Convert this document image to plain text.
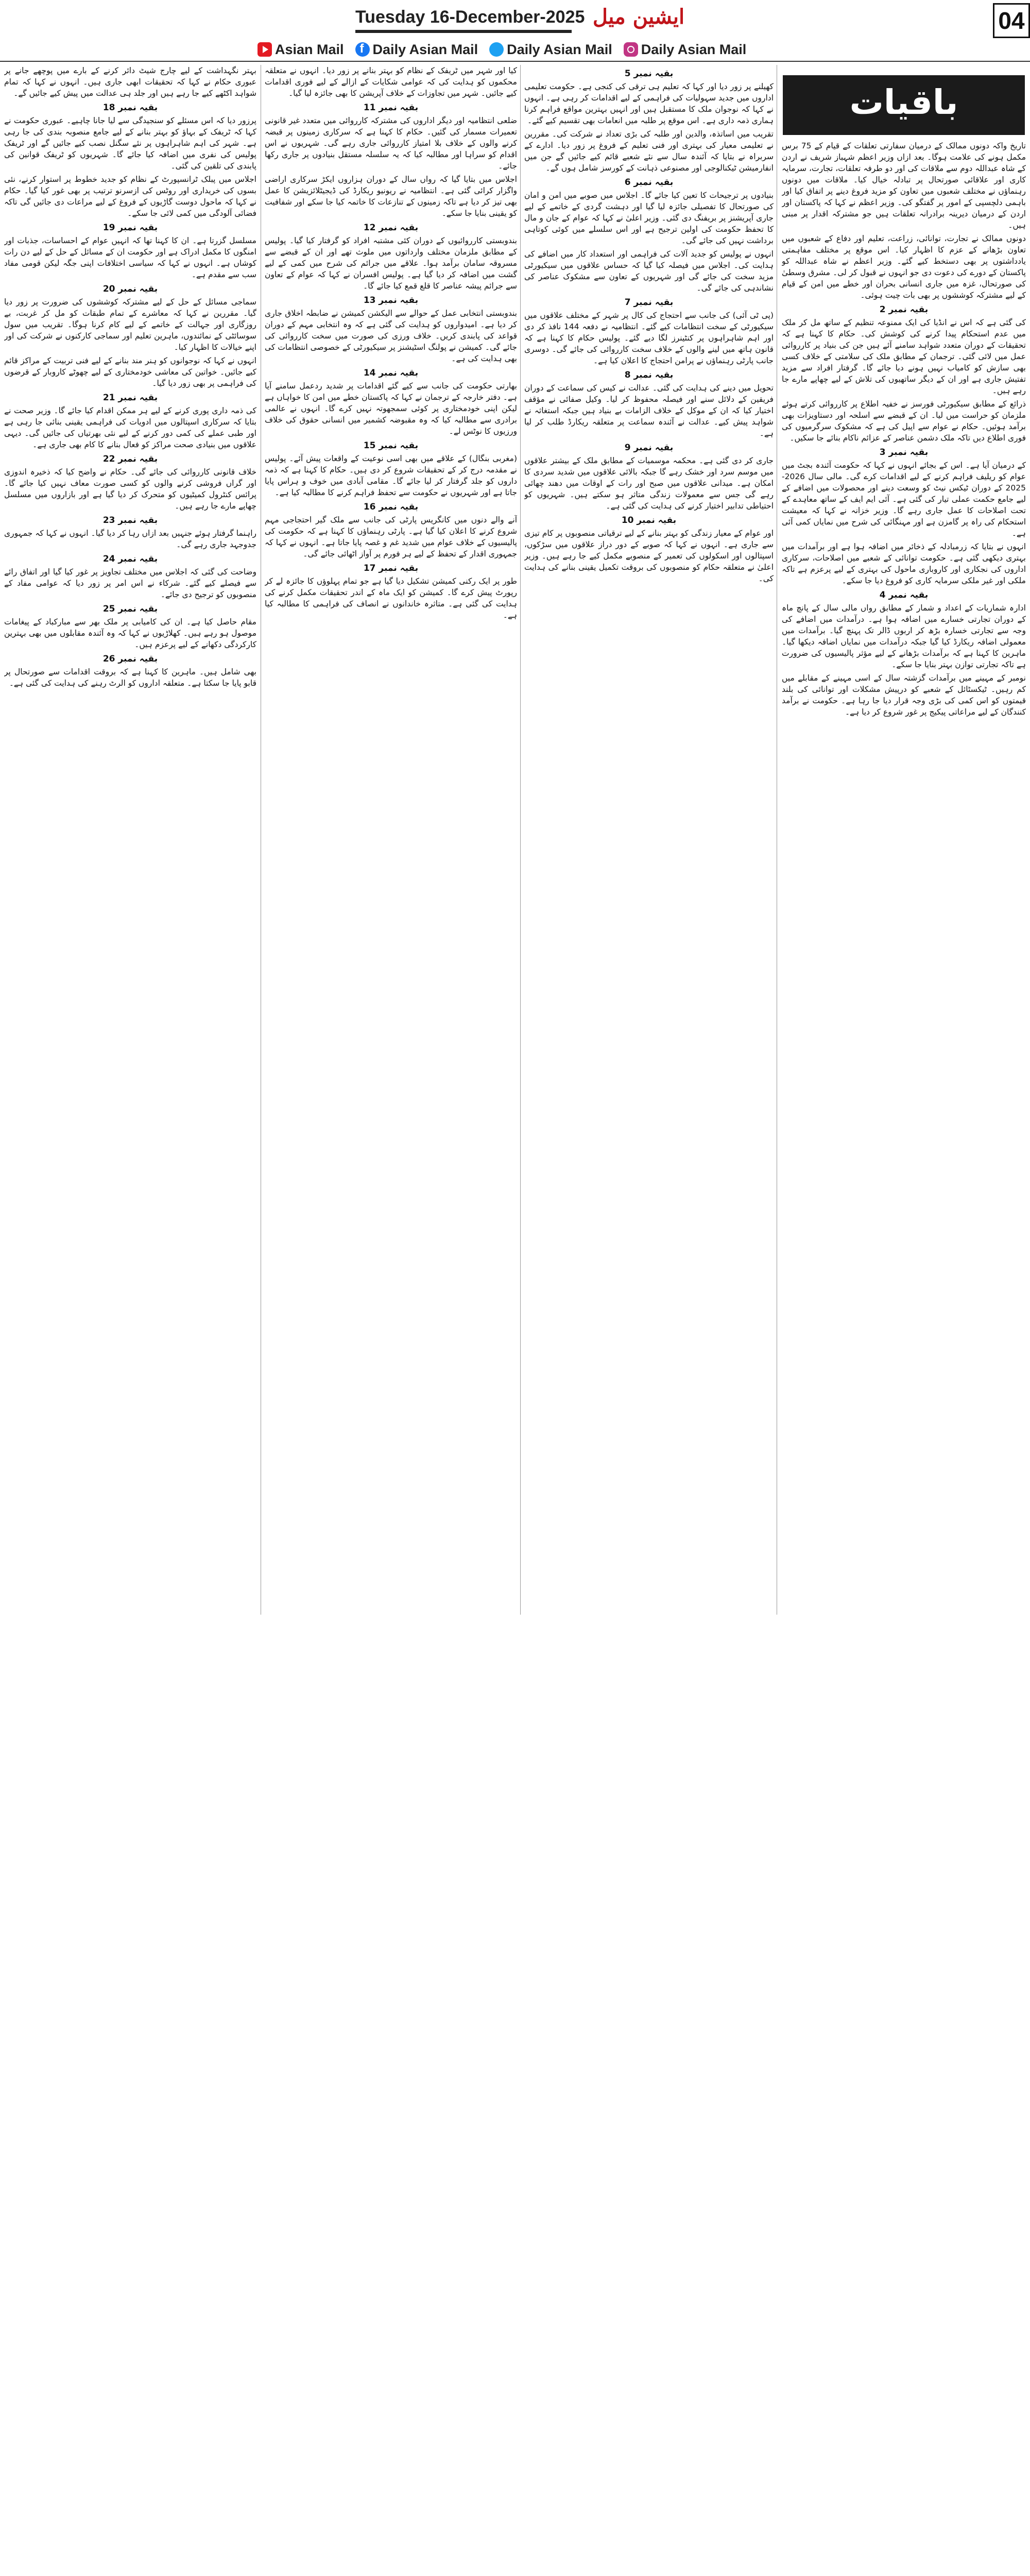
Tuesday 16-December-2025 ایشین میل	04
Asian Mail
f Daily Asian Mail Daily Asian Mail Daily Asian Mail
باقیات

تاریخ واکہ دونوں ممالک کے درمیان سفارتی تعلقات کے قیام کے 75 برس مکمل ہونے کی علامت ہوگا۔ بعد ازاں وزیر اعظم شہباز شریف نے اردن کے شاہ عبداللہ دوم سے ملاقات کی اور دو طرفہ تعلقات، تجارت، سرمایہ کاری اور علاقائی صورتحال پر تبادلہ خیال کیا۔ ملاقات میں دونوں رہنماؤں نے مختلف شعبوں میں تعاون کو مزید فروغ دینے پر اتفاق کیا اور باہمی دلچسپی کے امور پر گفتگو کی۔ وزیر اعظم نے کہا کہ پاکستان اور اردن کے درمیان دیرینہ برادرانہ تعلقات ہیں جو مشترکہ اقدار پر مبنی ہیں۔

دونوں ممالک نے تجارت، توانائی، زراعت، تعلیم اور دفاع کے شعبوں میں تعاون بڑھانے کے عزم کا اظہار کیا۔ اس موقع پر مختلف مفاہمتی یادداشتوں پر بھی دستخط کیے گئے۔ وزیر اعظم نے شاہ عبداللہ کو پاکستان کے دورے کی دعوت دی جو انہوں نے قبول کر لی۔ مشرق وسطیٰ کی صورتحال، غزہ میں جاری انسانی بحران اور خطے میں امن کے قیام کے لیے مشترکہ کوششوں پر بھی بات چیت ہوئی۔

بقیہ نمبر 2

کی گئی ہے کہ اس نے انڈیا کی ایک ممنوعہ تنظیم کے ساتھ مل کر ملک میں عدم استحکام پیدا کرنے کی کوشش کی۔ حکام کا کہنا ہے کہ تحقیقات کے دوران متعدد شواہد سامنے آئے ہیں جن کی بنیاد پر کارروائی عمل میں لائی گئی۔ ترجمان کے مطابق ملک کی سلامتی کے خلاف کسی بھی سازش کو کامیاب نہیں ہونے دیا جائے گا۔ گرفتار افراد سے مزید تفتیش جاری ہے اور ان کے دیگر ساتھیوں کی تلاش کے لیے چھاپے مارے جا رہے ہیں۔

ذرائع کے مطابق سیکیورٹی فورسز نے خفیہ اطلاع پر کارروائی کرتے ہوئے ملزمان کو حراست میں لیا۔ ان کے قبضے سے اسلحہ اور دستاویزات بھی برآمد ہوئیں۔ حکام نے عوام سے اپیل کی ہے کہ مشکوک سرگرمیوں کی فوری اطلاع دیں تاکہ ملک دشمن عناصر کے عزائم ناکام بنائے جا سکیں۔

بقیہ نمبر 3

کے درمیان آیا ہے۔ اس کے بجائے انہوں نے کہا کہ حکومت آئندہ بجٹ میں عوام کو ریلیف فراہم کرنے کے لیے اقدامات کرے گی۔ مالی سال 2026-2025 کے دوران ٹیکس نیٹ کو وسعت دینے اور محصولات میں اضافے کے لیے جامع حکمت عملی تیار کی گئی ہے۔ آئی ایم ایف کے ساتھ معاہدے کے تحت اصلاحات کا عمل جاری رہے گا۔ وزیر خزانہ نے کہا کہ معیشت استحکام کی راہ پر گامزن ہے اور مہنگائی کی شرح میں نمایاں کمی آئی ہے۔

انہوں نے بتایا کہ زرمبادلہ کے ذخائر میں اضافہ ہوا ہے اور برآمدات میں بہتری دیکھی گئی ہے۔ حکومت توانائی کے شعبے میں اصلاحات، سرکاری اداروں کی نجکاری اور کاروباری ماحول کی بہتری کے لیے پرعزم ہے تاکہ ملکی اور غیر ملکی سرمایہ کاری کو فروغ دیا جا سکے۔

بقیہ نمبر 4

ادارہ شماریات کے اعداد و شمار کے مطابق رواں مالی سال کے پانچ ماہ کے دوران تجارتی خسارے میں اضافہ ہوا ہے۔ درآمدات میں اضافے کی وجہ سے تجارتی خسارہ بڑھ کر اربوں ڈالر تک پہنچ گیا۔ برآمدات میں معمولی اضافہ ریکارڈ کیا گیا جبکہ درآمدات میں نمایاں اضافہ دیکھا گیا۔ ماہرین کا کہنا ہے کہ برآمدات بڑھانے کے لیے مؤثر پالیسیوں کی ضرورت ہے تاکہ تجارتی توازن بہتر بنایا جا سکے۔

نومبر کے مہینے میں برآمدات گزشتہ سال کے اسی مہینے کے مقابلے میں کم رہیں۔ ٹیکسٹائل کے شعبے کو درپیش مشکلات اور توانائی کی بلند قیمتوں کو اس کمی کی بڑی وجہ قرار دیا جا رہا ہے۔ حکومت نے برآمد کنندگان کے لیے مراعاتی پیکیج پر غور شروع کر دیا ہے۔

بقیہ نمبر 5

کھیلنے پر زور دیا اور کہا کہ تعلیم ہی ترقی کی کنجی ہے۔ حکومت تعلیمی اداروں میں جدید سہولیات کی فراہمی کے لیے اقدامات کر رہی ہے۔ انہوں نے کہا کہ نوجوان ملک کا مستقبل ہیں اور انہیں بہترین مواقع فراہم کرنا ہماری ذمہ داری ہے۔ اس موقع پر طلبہ میں انعامات بھی تقسیم کیے گئے۔

تقریب میں اساتذہ، والدین اور طلبہ کی بڑی تعداد نے شرکت کی۔ مقررین نے تعلیمی معیار کی بہتری اور فنی تعلیم کے فروغ پر زور دیا۔ ادارے کے سربراہ نے بتایا کہ آئندہ سال سے نئے شعبے قائم کیے جائیں گے جن میں انفارمیشن ٹیکنالوجی اور مصنوعی ذہانت کے کورسز شامل ہوں گے۔

بقیہ نمبر 6

بنیادوں پر ترجیحات کا تعین کیا جائے گا۔ اجلاس میں صوبے میں امن و امان کی صورتحال کا تفصیلی جائزہ لیا گیا اور دہشت گردی کے خاتمے کے لیے جاری آپریشنز پر بریفنگ دی گئی۔ وزیر اعلیٰ نے کہا کہ عوام کے جان و مال کا تحفظ حکومت کی اولین ترجیح ہے اور اس سلسلے میں کوئی کوتاہی برداشت نہیں کی جائے گی۔

انہوں نے پولیس کو جدید آلات کی فراہمی اور استعداد کار میں اضافے کی ہدایت کی۔ اجلاس میں فیصلہ کیا گیا کہ حساس علاقوں میں سیکیورٹی مزید سخت کی جائے گی اور شہریوں کے تعاون سے مشکوک عناصر کی نشاندہی کی جائے گی۔

بقیہ نمبر 7

(پی ٹی آئی) کی جانب سے احتجاج کی کال پر شہر کے مختلف علاقوں میں سیکیورٹی کے سخت انتظامات کیے گئے۔ انتظامیہ نے دفعہ 144 نافذ کر دی اور اہم شاہراہوں پر کنٹینرز لگا دیے گئے۔ پولیس حکام کا کہنا ہے کہ قانون ہاتھ میں لینے والوں کے خلاف سخت کارروائی کی جائے گی۔ دوسری جانب پارٹی رہنماؤں نے پرامن احتجاج کا اعلان کیا ہے۔

بقیہ نمبر 8

تحویل میں دینے کی ہدایت کی گئی۔ عدالت نے کیس کی سماعت کے دوران فریقین کے دلائل سنے اور فیصلہ محفوظ کر لیا۔ وکیل صفائی نے مؤقف اختیار کیا کہ ان کے موکل کے خلاف الزامات بے بنیاد ہیں جبکہ استغاثہ نے شواہد پیش کیے۔ عدالت نے آئندہ سماعت پر متعلقہ ریکارڈ طلب کر لیا ہے۔

بقیہ نمبر 9

جاری کر دی گئی ہے۔ محکمہ موسمیات کے مطابق ملک کے بیشتر علاقوں میں موسم سرد اور خشک رہے گا جبکہ بالائی علاقوں میں شدید سردی کا امکان ہے۔ میدانی علاقوں میں صبح اور رات کے اوقات میں دھند چھائی رہے گی جس سے معمولات زندگی متاثر ہو سکتے ہیں۔ شہریوں کو احتیاطی تدابیر اختیار کرنے کی ہدایت کی گئی ہے۔

بقیہ نمبر 10

اور عوام کے معیار زندگی کو بہتر بنانے کے لیے ترقیاتی منصوبوں پر کام تیزی سے جاری ہے۔ انہوں نے کہا کہ صوبے کے دور دراز علاقوں میں سڑکوں، اسپتالوں اور اسکولوں کی تعمیر کے منصوبے مکمل کیے جا رہے ہیں۔ وزیر اعلیٰ نے متعلقہ حکام کو منصوبوں کی بروقت تکمیل یقینی بنانے کی ہدایت کی۔

کیا اور شہر میں ٹریفک کے نظام کو بہتر بنانے پر زور دیا۔ انہوں نے متعلقہ محکموں کو ہدایت کی کہ عوامی شکایات کے ازالے کے لیے فوری اقدامات کیے جائیں۔ شہر میں تجاوزات کے خلاف آپریشن کا بھی جائزہ لیا گیا۔

بقیہ نمبر 11

ضلعی انتظامیہ اور دیگر اداروں کی مشترکہ کارروائی میں متعدد غیر قانونی تعمیرات مسمار کی گئیں۔ حکام کا کہنا ہے کہ سرکاری زمینوں پر قبضہ کرنے والوں کے خلاف بلا امتیاز کارروائی جاری رہے گی۔ شہریوں نے اس اقدام کو سراہا اور مطالبہ کیا کہ یہ سلسلہ مستقل بنیادوں پر جاری رکھا جائے۔

اجلاس میں بتایا گیا کہ رواں سال کے دوران ہزاروں ایکڑ سرکاری اراضی واگزار کرائی گئی ہے۔ انتظامیہ نے ریونیو ریکارڈ کی ڈیجیٹلائزیشن کا عمل بھی تیز کر دیا ہے تاکہ زمینوں کے تنازعات کا خاتمہ کیا جا سکے اور شفافیت کو یقینی بنایا جا سکے۔

بقیہ نمبر 12

بندوبستی کارروائیوں کے دوران کئی مشتبہ افراد کو گرفتار کیا گیا۔ پولیس کے مطابق ملزمان مختلف وارداتوں میں ملوث تھے اور ان کے قبضے سے مسروقہ سامان برآمد ہوا۔ علاقے میں جرائم کی شرح میں کمی کے لیے گشت میں اضافہ کر دیا گیا ہے۔ پولیس افسران نے کہا کہ عوام کے تعاون سے جرائم پیشہ عناصر کا قلع قمع کیا جائے گا۔

بقیہ نمبر 13

بندوبستی انتخابی عمل کے حوالے سے الیکشن کمیشن نے ضابطہ اخلاق جاری کر دیا ہے۔ امیدواروں کو ہدایت کی گئی ہے کہ وہ انتخابی مہم کے دوران قواعد کی پابندی کریں۔ خلاف ورزی کی صورت میں سخت کارروائی کی جائے گی۔ کمیشن نے پولنگ اسٹیشنز پر سیکیورٹی کے خصوصی انتظامات کی بھی ہدایت کی ہے۔

بقیہ نمبر 14

بھارتی حکومت کی جانب سے کیے گئے اقدامات پر شدید ردعمل سامنے آیا ہے۔ دفتر خارجہ کے ترجمان نے کہا کہ پاکستان خطے میں امن کا خواہاں ہے لیکن اپنی خودمختاری پر کوئی سمجھوتہ نہیں کرے گا۔ انہوں نے عالمی برادری سے مطالبہ کیا کہ وہ مقبوضہ کشمیر میں انسانی حقوق کی خلاف ورزیوں کا نوٹس لے۔

بقیہ نمبر 15

(مغربی بنگال) کے علاقے میں بھی اسی نوعیت کے واقعات پیش آئے۔ پولیس نے مقدمہ درج کر کے تحقیقات شروع کر دی ہیں۔ حکام کا کہنا ہے کہ ذمہ داروں کو جلد گرفتار کر لیا جائے گا۔ مقامی آبادی میں خوف و ہراس پایا جاتا ہے اور شہریوں نے حکومت سے تحفظ فراہم کرنے کا مطالبہ کیا ہے۔

بقیہ نمبر 16

آنے والے دنوں میں کانگریس پارٹی کی جانب سے ملک گیر احتجاجی مہم شروع کرنے کا اعلان کیا گیا ہے۔ پارٹی رہنماؤں کا کہنا ہے کہ حکومت کی پالیسیوں کے خلاف عوام میں شدید غم و غصہ پایا جاتا ہے۔ انہوں نے کہا کہ جمہوری اقدار کے تحفظ کے لیے ہر فورم پر آواز اٹھائی جائے گی۔

بقیہ نمبر 17

طور پر ایک رکنی کمیشن تشکیل دیا گیا ہے جو تمام پہلوؤں کا جائزہ لے کر رپورٹ پیش کرے گا۔ کمیشن کو ایک ماہ کے اندر تحقیقات مکمل کرنے کی ہدایت کی گئی ہے۔ متاثرہ خاندانوں نے انصاف کی فراہمی کا مطالبہ کیا ہے۔

بہتر نگہداشت کے لیے چارج شیٹ دائر کرنے کے بارے میں پوچھے جانے پر عبوری حکام نے کہا کہ تحقیقات ابھی جاری ہیں۔ انہوں نے کہا کہ تمام شواہد اکٹھے کیے جا رہے ہیں اور جلد ہی عدالت میں پیش کیے جائیں گے۔

بقیہ نمبر 18

پرزور دیا کہ اس مسئلے کو سنجیدگی سے لیا جانا چاہیے۔ عبوری حکومت نے کہا کہ ٹریفک کے بہاؤ کو بہتر بنانے کے لیے جامع منصوبہ بندی کی جا رہی ہے۔ شہر کی اہم شاہراہوں پر نئے سگنل نصب کیے جائیں گے اور ٹریفک پولیس کی نفری میں اضافہ کیا جائے گا۔ شہریوں کو ٹریفک قوانین کی پابندی کی تلقین کی گئی۔

اجلاس میں پبلک ٹرانسپورٹ کے نظام کو جدید خطوط پر استوار کرنے، نئی بسوں کی خریداری اور روٹس کی ازسرنو ترتیب پر بھی غور کیا گیا۔ حکام نے کہا کہ ماحول دوست گاڑیوں کے فروغ کے لیے مراعات دی جائیں گی تاکہ فضائی آلودگی میں کمی لائی جا سکے۔

بقیہ نمبر 19

مسلسل گزرتا ہے۔ ان کا کہنا تھا کہ انہیں عوام کے احساسات، جذبات اور امنگوں کا مکمل ادراک ہے اور حکومت ان کے مسائل کے حل کے لیے دن رات کوشاں ہے۔ انہوں نے کہا کہ سیاسی اختلافات اپنی جگہ لیکن قومی مفاد سب سے مقدم ہے۔

بقیہ نمبر 20

سماجی مسائل کے حل کے لیے مشترکہ کوششوں کی ضرورت پر زور دیا گیا۔ مقررین نے کہا کہ معاشرے کے تمام طبقات کو مل کر غربت، بے روزگاری اور جہالت کے خاتمے کے لیے کام کرنا ہوگا۔ تقریب میں سول سوسائٹی کے نمائندوں، ماہرین تعلیم اور سماجی کارکنوں نے شرکت کی اور اپنے خیالات کا اظہار کیا۔

انہوں نے کہا کہ نوجوانوں کو ہنر مند بنانے کے لیے فنی تربیت کے مراکز قائم کیے جائیں۔ خواتین کی معاشی خودمختاری کے لیے چھوٹے کاروبار کے قرضوں کی فراہمی پر بھی زور دیا گیا۔

بقیہ نمبر 21

کی ذمہ داری پوری کرنے کے لیے ہر ممکن اقدام کیا جائے گا۔ وزیر صحت نے بتایا کہ سرکاری اسپتالوں میں ادویات کی فراہمی یقینی بنائی جا رہی ہے اور طبی عملے کی کمی دور کرنے کے لیے نئی بھرتیاں کی جائیں گی۔ دیہی علاقوں میں بنیادی صحت مراکز کو فعال بنانے کا کام بھی جاری ہے۔

بقیہ نمبر 22

خلاف قانونی کارروائی کی جائے گی۔ حکام نے واضح کیا کہ ذخیرہ اندوزی اور گراں فروشی کرنے والوں کو کسی صورت معاف نہیں کیا جائے گا۔ پرائس کنٹرول کمیٹیوں کو متحرک کر دیا گیا ہے اور بازاروں میں مسلسل چھاپے مارے جا رہے ہیں۔

بقیہ نمبر 23

راہنما گرفتار ہوئے جنہیں بعد ازاں رہا کر دیا گیا۔ انہوں نے کہا کہ جمہوری جدوجہد جاری رہے گی۔

بقیہ نمبر 24

وضاحت کی گئی کہ اجلاس میں مختلف تجاویز پر غور کیا گیا اور اتفاق رائے سے فیصلے کیے گئے۔ شرکاء نے اس امر پر زور دیا کہ عوامی مفاد کے منصوبوں کو ترجیح دی جائے۔

بقیہ نمبر 25

مقام حاصل کیا ہے۔ ان کی کامیابی پر ملک بھر سے مبارکباد کے پیغامات موصول ہو رہے ہیں۔ کھلاڑیوں نے کہا کہ وہ آئندہ مقابلوں میں بھی بہترین کارکردگی دکھانے کے لیے پرعزم ہیں۔

بقیہ نمبر 26

بھی شامل ہیں۔ ماہرین کا کہنا ہے کہ بروقت اقدامات سے صورتحال پر قابو پایا جا سکتا ہے۔ متعلقہ اداروں کو الرٹ رہنے کی ہدایت کی گئی ہے۔
